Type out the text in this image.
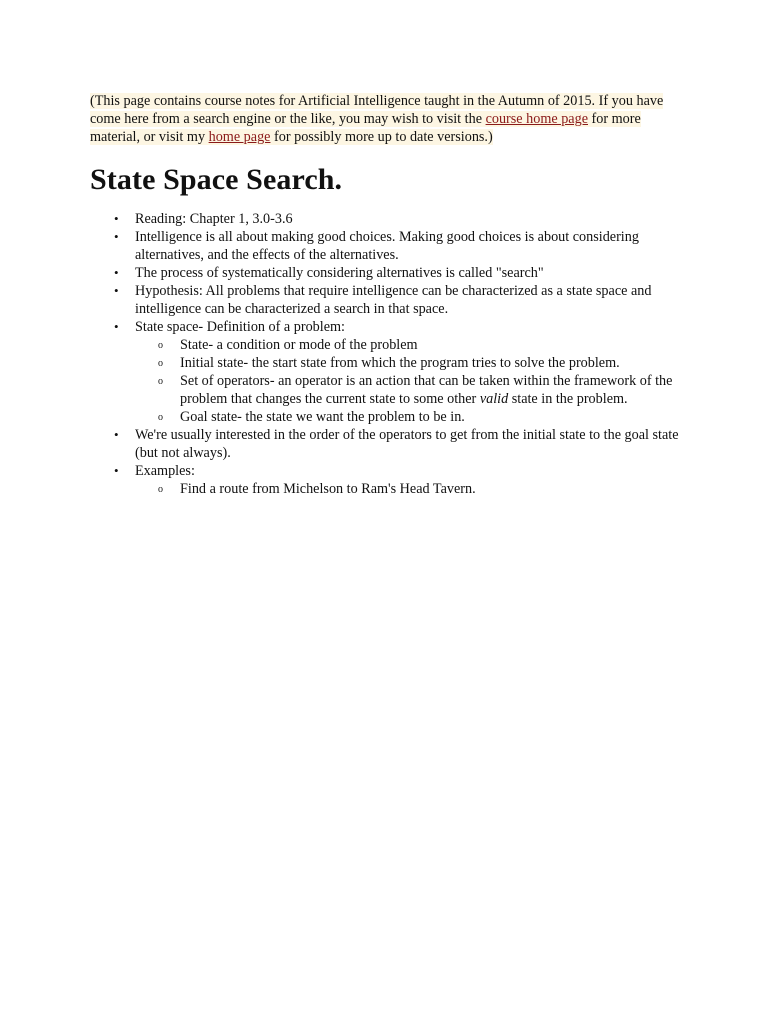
(This page contains course notes for Artificial Intelligence taught in the Autumn of 2015. If you have come here from a search engine or the like, you may wish to visit the course home page for more material, or visit my home page for possibly more up to date versions.)

State Space Search.
• Reading: Chapter 1, 3.0-3.6
• Intelligence is all about making good choices. Making good choices is about considering alternatives, and the effects of the alternatives.
• The process of systematically considering alternatives is called "search"
• Hypothesis: All problems that require intelligence can be characterized as a state space and intelligence can be characterized a search in that space.
• State space- Definition of a problem:
o State- a condition or mode of the problem
o Initial state- the start state from which the program tries to solve the problem.
o Set of operators- an operator is an action that can be taken within the framework of the problem that changes the current state to some other valid state in the problem.
o Goal state- the state we want the problem to be in.
• We're usually interested in the order of the operators to get from the initial state to the goal state (but not always).
• Examples:
o Find a route from Michelson to Ram's Head Tavern.
